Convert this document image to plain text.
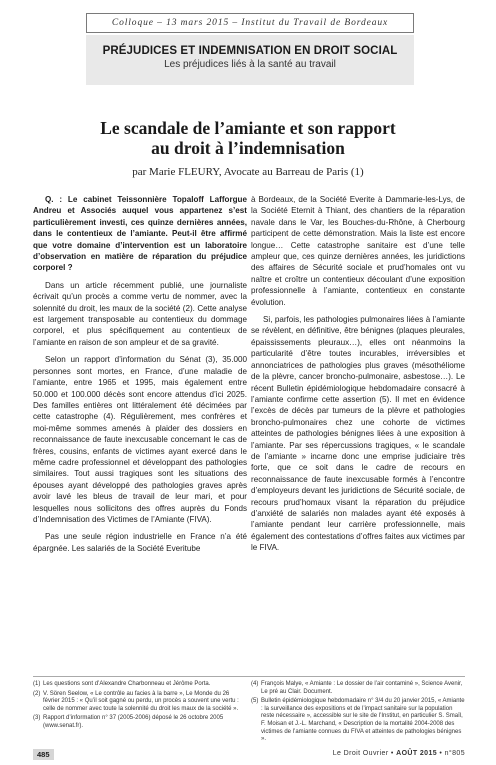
Colloque – 13 mars 2015 – Institut du Travail de Bordeaux
PRÉJUDICES ET INDEMNISATION EN DROIT SOCIAL
Les préjudices liés à la santé au travail
Le scandale de l’amiante et son rapport
au droit à l’indemnisation
par Marie FLEURY, Avocate au Barreau de Paris (1)

Q. : Le cabinet Teissonnière Topaloff Lafforgue Andreu et Associés auquel vous appartenez s’est particulièrement investi, ces quinze dernières années, dans le contentieux de l’amiante. Peut-il être affirmé que votre domaine d’intervention est un laboratoire d’observation en matière de réparation du préjudice corporel ?

Dans un article récemment publié, une journaliste écrivait qu’un procès a comme vertu de nommer, avec la solennité du droit, les maux de la société (2). Cette analyse est largement transposable au contentieux du dommage corporel, et plus spécifiquement au contentieux de l’amiante en raison de son ampleur et de sa gravité.

Selon un rapport d’information du Sénat (3), 35.000 personnes sont mortes, en France, d’une maladie de l’amiante, entre 1965 et 1995, mais également entre 50.000 et 100.000 décès sont encore attendus d’ici 2025. Des familles entières ont littéralement été décimées par cette catastrophe (4). Régulièrement, mes confrères et moi-même sommes amenés à plaider des dossiers en reconnaissance de faute inexcusable concernant le cas de frères, cousins, enfants de victimes ayant exercé dans le même cadre professionnel et développant des pathologies similaires. Tout aussi tragiques sont les situations des épouses ayant développé des pathologies graves après avoir lavé les bleus de travail de leur mari, et pour lesquelles nous sollicitons des offres auprès du Fonds d’Indemnisation des Victimes de l’Amiante (FIVA).

Pas une seule région industrielle en France n’a été épargnée. Les salariés de la Société Everitube

à Bordeaux, de la Société Everite à Dammarie-les-Lys, de la Société Eternit à Thiant, des chantiers de la réparation navale dans le Var, les Bouches-du-Rhône, à Cherbourg participent de cette démonstration. Mais la liste est encore longue… Cette catastrophe sanitaire est d’une telle ampleur que, ces quinze dernières années, les juridictions des affaires de Sécurité sociale et prud’homales ont vu naître et croître un contentieux découlant d’une exposition professionnelle à l’amiante, contentieux en constante évolution.

Si, parfois, les pathologies pulmonaires liées à l’amiante se révèlent, en définitive, être bénignes (plaques pleurales, épaississements pleuraux…), elles ont néanmoins la particularité d’être toutes incurables, irréversibles et annonciatrices de pathologies plus graves (mésothéliome de la plèvre, cancer broncho-pulmonaire, asbestose…). Le récent Bulletin épidémiologique hebdomadaire consacré à l’amiante confirme cette assertion (5). Il met en évidence l’excès de décès par tumeurs de la plèvre et pathologies broncho-pulmonaires chez une cohorte de victimes atteintes de pathologies bénignes liées à une exposition à l’amiante. Par ses répercussions tragiques, « le scandale de l’amiante » incarne donc une emprise judiciaire très forte, que ce soit dans le cadre de recours en reconnaissance de faute inexcusable formés à l’encontre d’employeurs devant les juridictions de Sécurité sociale, de recours prud’homaux visant la réparation du préjudice d’anxiété de salariés non malades ayant été exposés à l’amiante pendant leur carrière professionnelle, mais également des contestations d’offres faites aux victimes par le FIVA.

(1) Les questions sont d’Alexandre Charbonneau et Jérôme Porta.
(2) V. Sören Seelow, « Le contrôle au facies à la barre », Le Monde du 26 février 2015 : « Qu’il soit gagné ou perdu, un procès a souvent une vertu : celle de nommer avec toute la solennité du droit les maux de la société ».
(3) Rapport d’information n° 37 (2005-2006) déposé le 26 octobre 2005 (www.senat.fr).
(4) François Malye, « Amiante : Le dossier de l’air contaminé », Science Avenir, Le pré au Clair. Document.
(5) Bulletin épidémiologique hebdomadaire n° 3/4 du 20 janvier 2015, « Amiante : la surveillance des expositions et de l’impact sanitaire sur la population reste nécessaire », accessible sur le site de l’Institut, en particulier S. Smaïl, F. Moisan et J.-L. Marchand, « Description de la mortalité 2004-2008 des victimes de l’amiante connues du FIVA et atteintes de pathologies bénignes ».
485	Le Droit Ouvrier • AOÛT 2015 • n°805
